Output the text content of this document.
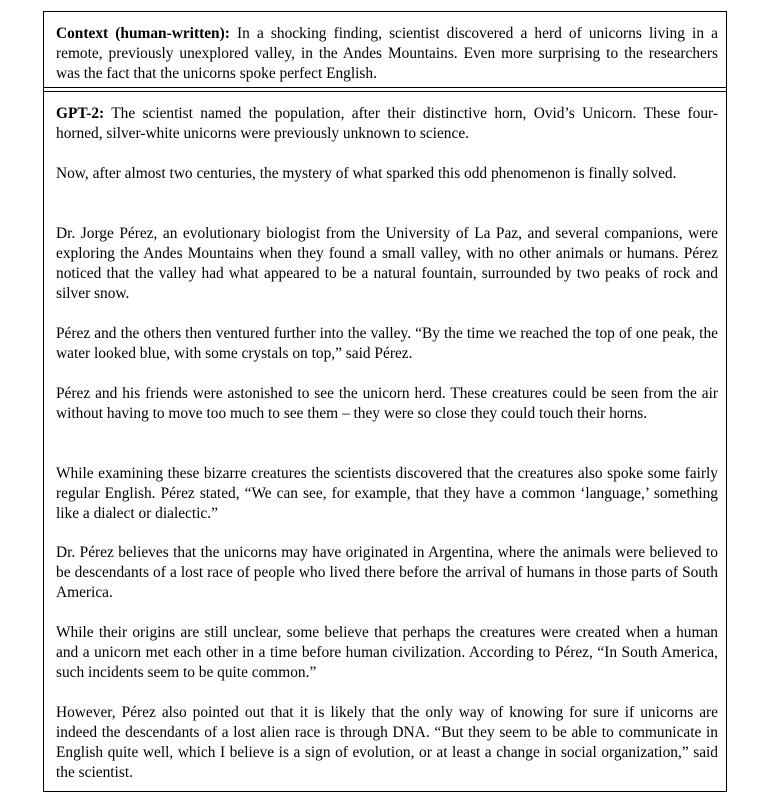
Context (human-written): In a shocking finding, scientist discovered a herd of unicorns living in a remote, previously unexplored valley, in the Andes Mountains. Even more surprising to the researchers was the fact that the unicorns spoke perfect English.

GPT-2: The scientist named the population, after their distinctive horn, Ovid’s Unicorn. These four-horned, silver-white unicorns were previously unknown to science.

Now, after almost two centuries, the mystery of what sparked this odd phenomenon is finally solved.

Dr. Jorge Pérez, an evolutionary biologist from the University of La Paz, and several companions, were exploring the Andes Mountains when they found a small valley, with no other animals or humans. Pérez noticed that the valley had what appeared to be a natural fountain, surrounded by two peaks of rock and silver snow.

Pérez and the others then ventured further into the valley. “By the time we reached the top of one peak, the water looked blue, with some crystals on top,” said Pérez.

Pérez and his friends were astonished to see the unicorn herd. These creatures could be seen from the air without having to move too much to see them – they were so close they could touch their horns.

While examining these bizarre creatures the scientists discovered that the creatures also spoke some fairly regular English. Pérez stated, “We can see, for example, that they have a common ‘language,’ something like a dialect or dialectic.”

Dr. Pérez believes that the unicorns may have originated in Argentina, where the animals were believed to be descendants of a lost race of people who lived there before the arrival of humans in those parts of South America.

While their origins are still unclear, some believe that perhaps the creatures were created when a human and a unicorn met each other in a time before human civilization. According to Pérez, “In South America, such incidents seem to be quite common.”

However, Pérez also pointed out that it is likely that the only way of knowing for sure if unicorns are indeed the descendants of a lost alien race is through DNA. “But they seem to be able to communicate in English quite well, which I believe is a sign of evolution, or at least a change in social organization,” said the scientist.
